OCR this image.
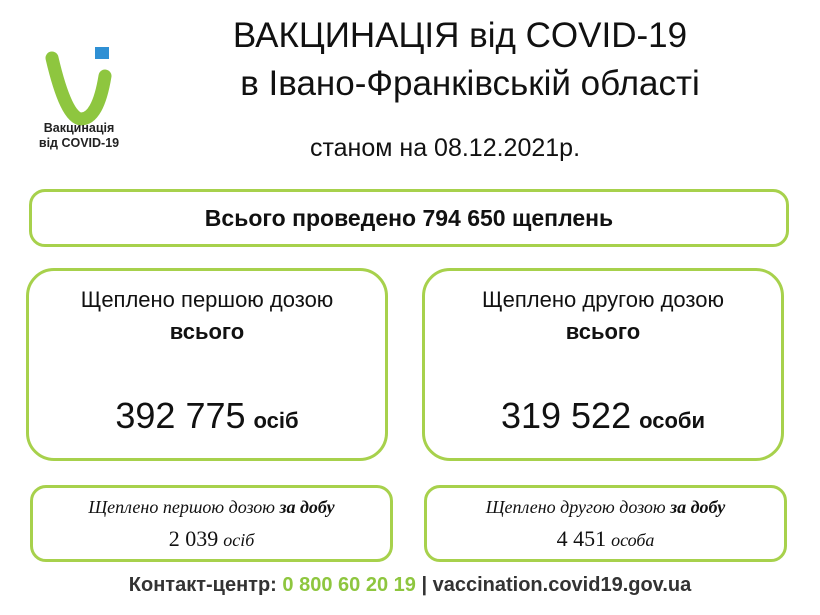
Вакцинація
від COVID-19
ВАКЦИНАЦІЯ від COVID-19
в Івано-Франківській області
станом на 08.12.2021р.
Всього проведено 794 650 щеплень
Щеплено першою дозою
всього
392 775 осіб
Щеплено другою дозою
всього
319 522 особи
Щеплено першою дозою за добу
2 039 осіб
Щеплено другою дозою за добу
4 451 особа
Контакт-центр: 0 800 60 20 19 | vaccination.covid19.gov.ua
